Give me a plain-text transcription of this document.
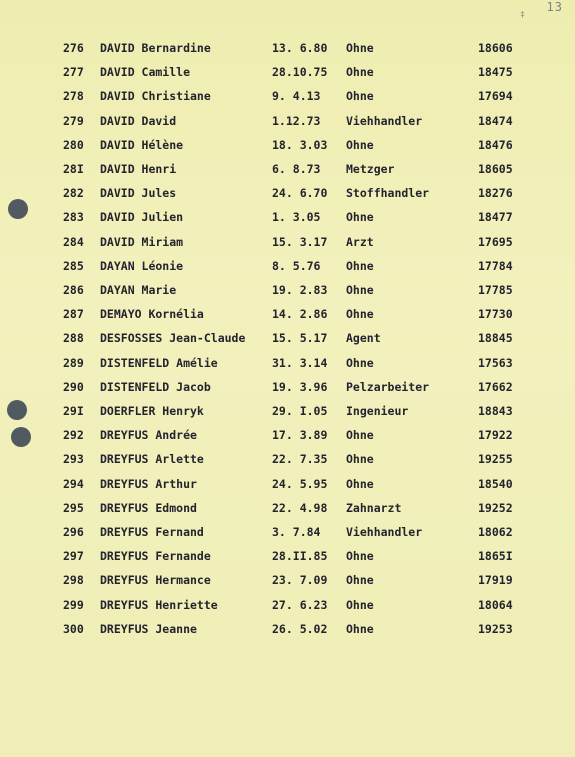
13
‡
276 DAVID Bernardine	13. 6.80 Ohne	18606
277 DAVID Camille	28.10.75 Ohne	18475
278 DAVID Christiane	9. 4.13 Ohne	17694
279 DAVID David	1.12.73 Viehhandler	18474
280 DAVID Hélène	18. 3.03 Ohne	18476
28I DAVID Henri	6. 8.73 Metzger	18605
282 DAVID Jules	24. 6.70 Stoffhandler	18276
283 DAVID Julien	1. 3.05 Ohne	18477
284 DAVID Miriam	15. 3.17 Arzt	17695
285 DAYAN Léonie	8. 5.76 Ohne	17784
286 DAYAN Marie	19. 2.83 Ohne	17785
287 DEMAYO Kornélia	14. 2.86 Ohne	17730
288 DESFOSSES Jean-Claude 15. 5.17 Agent	18845
289 DISTENFELD Amélie	31. 3.14 Ohne	17563
290 DISTENFELD Jacob	19. 3.96 Pelzarbeiter	17662
29I DOERFLER Henryk	29. I.05 Ingenieur	18843
292 DREYFUS Andrée	17. 3.89 Ohne	17922
293 DREYFUS Arlette	22. 7.35 Ohne	19255
294 DREYFUS Arthur	24. 5.95 Ohne	18540
295 DREYFUS Edmond	22. 4.98 Zahnarzt	19252
296 DREYFUS Fernand	3. 7.84 Viehhandler	18062
297 DREYFUS Fernande	28.II.85 Ohne	1865I
298 DREYFUS Hermance	23. 7.09 Ohne	17919
299 DREYFUS Henriette	27. 6.23 Ohne	18064
300 DREYFUS Jeanne	26. 5.02 Ohne	19253
